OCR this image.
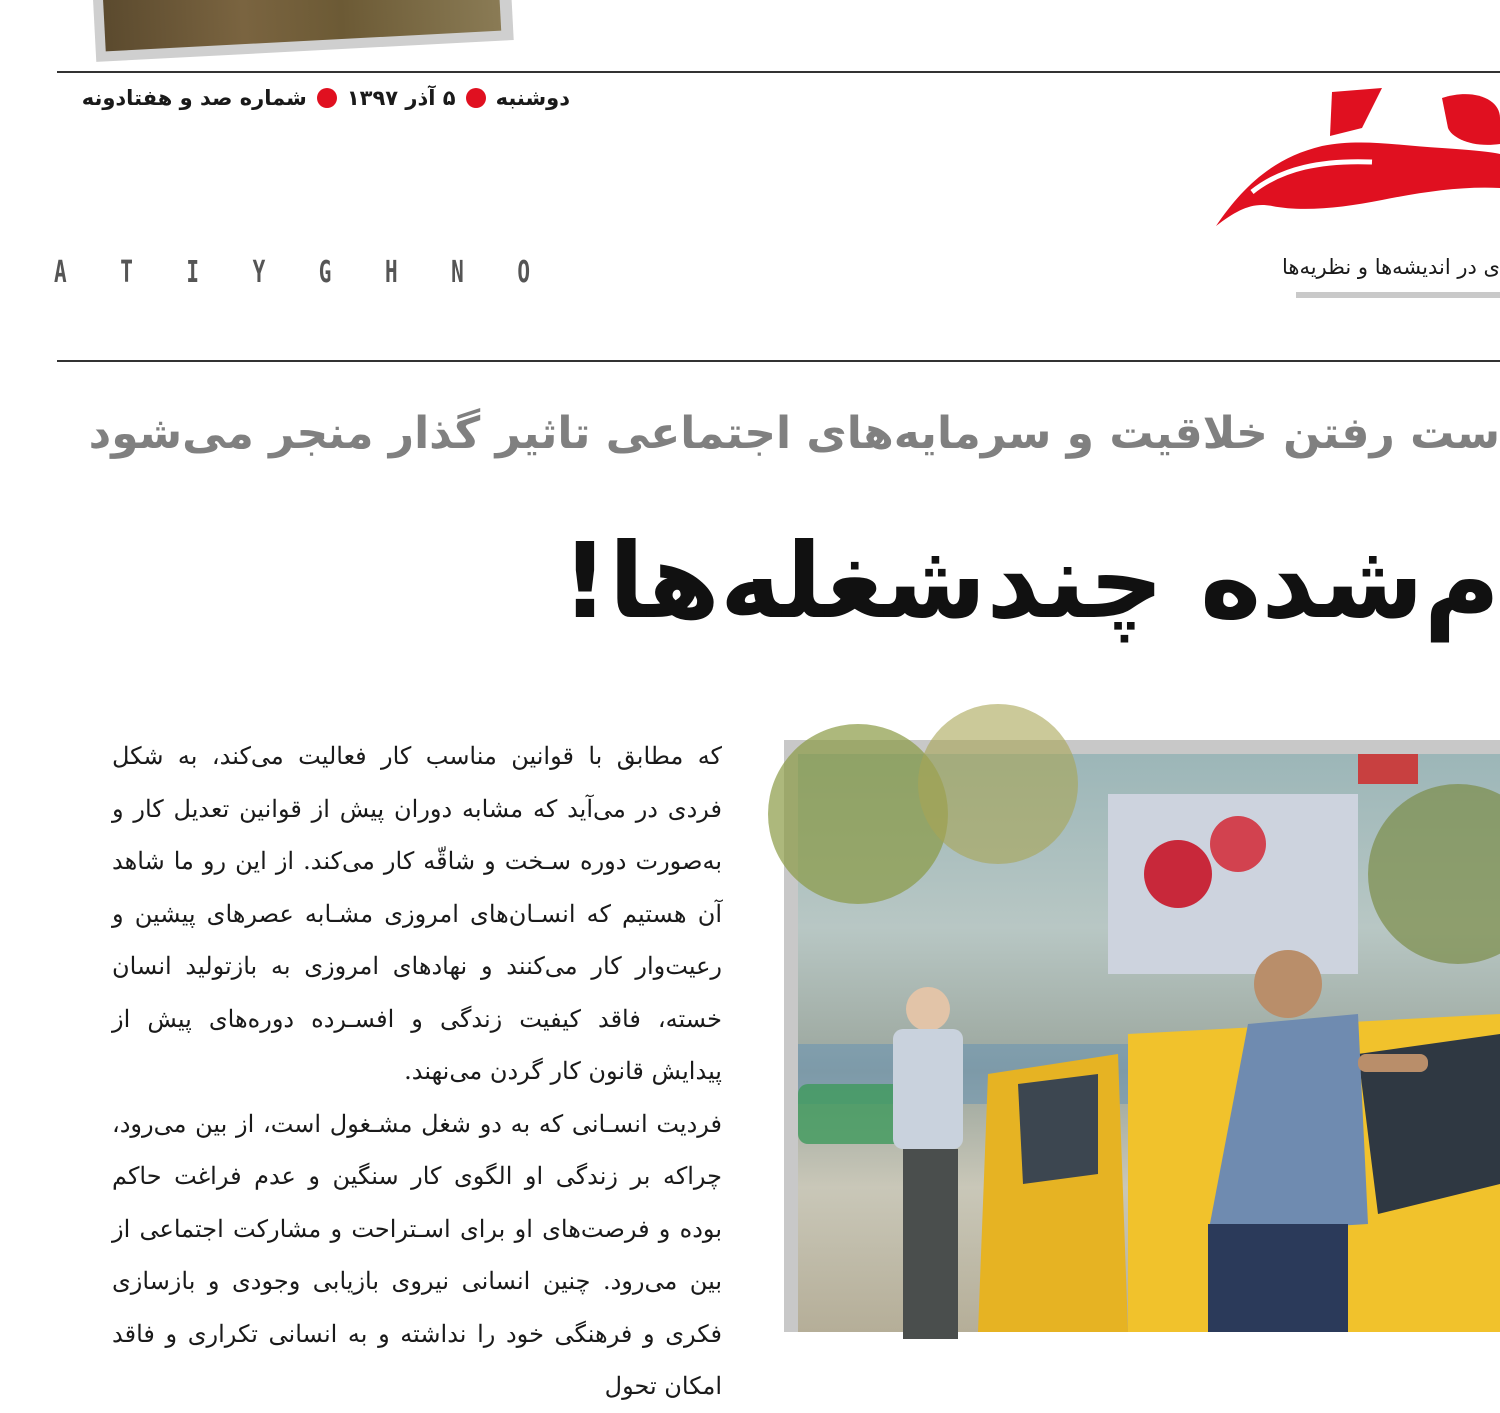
دوشنبه
۵ آذر ۱۳۹۷
شماره صد و هفتادونه
ی در اندیشه‌ها و نظریه‌ها
A T I Y G H N O
ست رفتن خلاقیت و سرمایه‌های اجتماعی تاثیر گذار منجر می‌شود
م‌شده چندشغله‌ها!

که مطابق با قوانین مناسب کار فعالیت می‌کند، به شکل فردی در می‌آید که مشابه دوران پیش از قوانین تعدیل کار و به‌صورت دوره سـخت و شاقّه کار می‌کند. از این رو ما شاهد آن هستیم که انسـان‌های امروزی مشـابه عصرهای پیشین و رعیت‌وار کار می‌کنند و نهادهای امروزی به بازتولید انسان خسته، فاقد کیفیت زندگی و افسـرده دوره‌های پیش از پیدایش قانون کار گردن می‌نهند.

فردیت انسـانی که به دو شغل مشـغول است، از بین می‌رود، چراکه بر زندگی او الگوی کار سنگین و عدم فراغت حاکم بوده و فرصت‌های او برای اسـتراحت و مشارکت اجتماعی از بین می‌رود. چنین انسانی نیروی بازیابی وجودی و بازسازی فکری و فرهنگی خود را نداشته و به انسانی تکراری و فاقد امکان تحول
